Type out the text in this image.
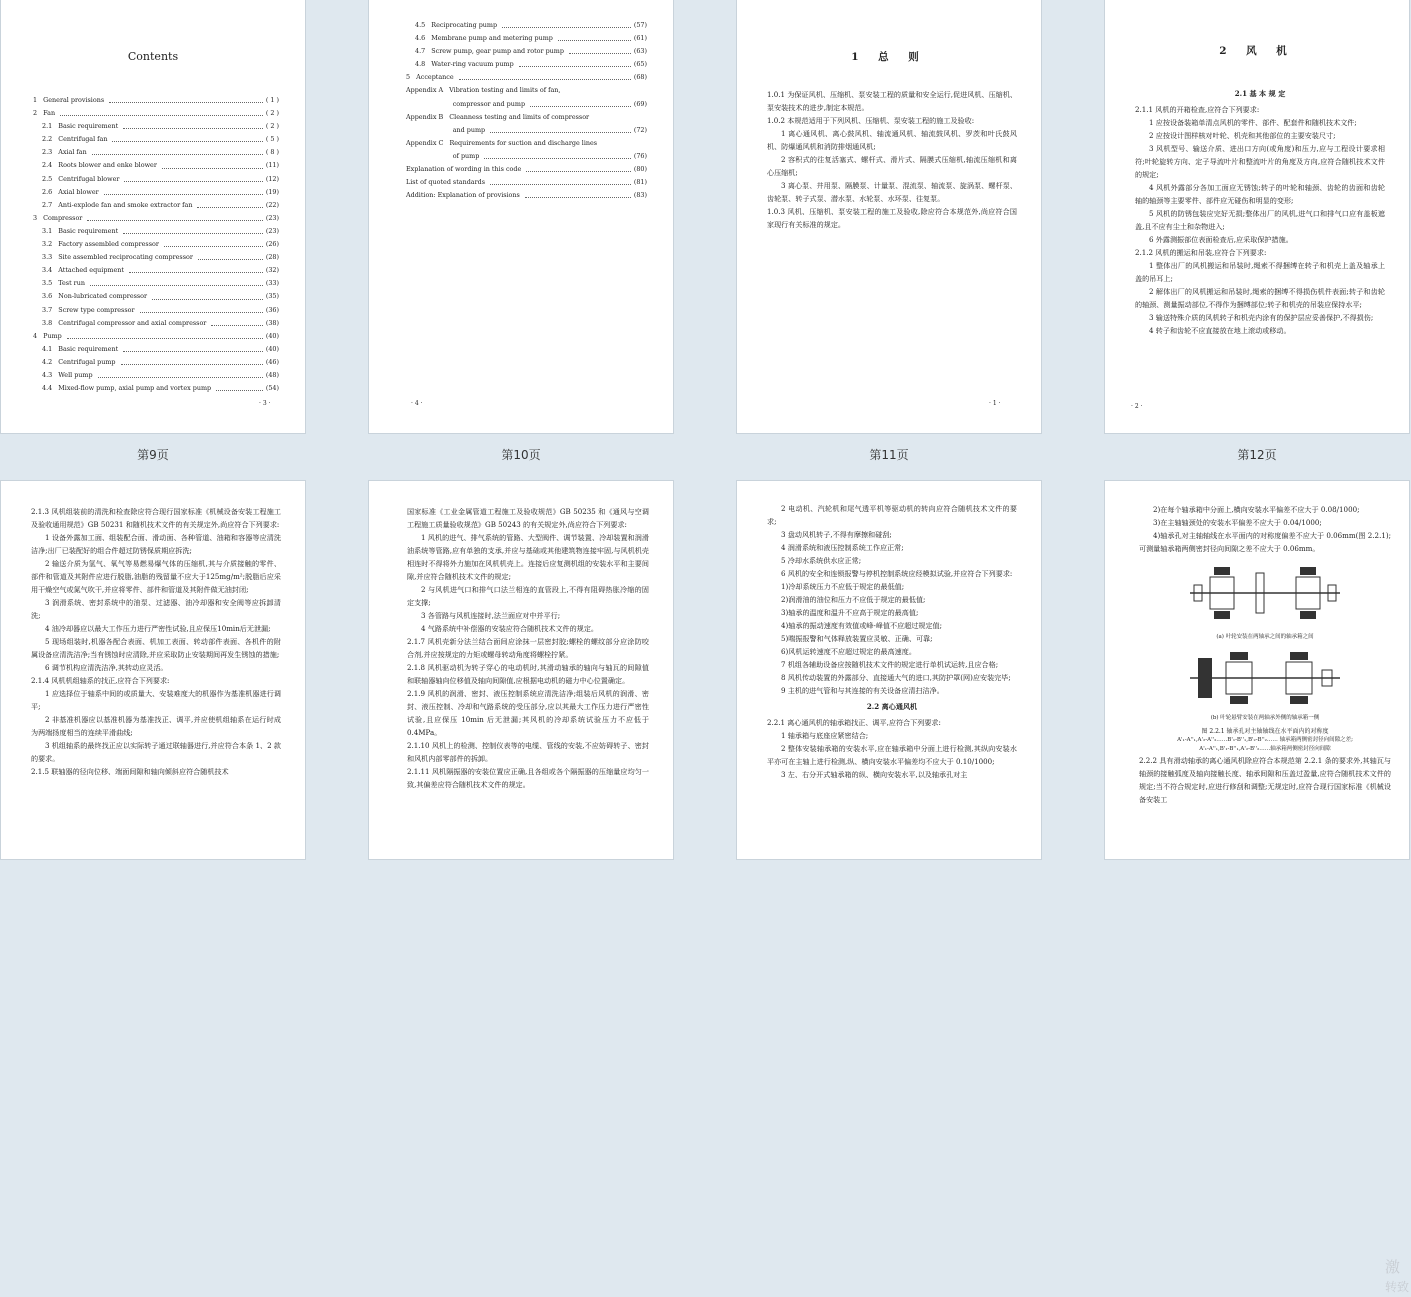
Contents
1   General provisions	( 1 )
2   Fan	( 2 )
2.1   Basic requirement	( 2 )
2.2   Centrifugal fan	( 5 )
2.3   Axial fan	( 8 )
2.4   Roots blower and enke blower	(11)
2.5   Centrifugal blower	(12)
2.6   Axial blower	(19)
2.7   Anti-explode fan and smoke extractor fan	(22)
3   Compressor	(23)
3.1   Basic requirement	(23)
3.2   Factory assembled compressor	(26)
3.3   Site assembled reciprocating compressor	(28)
3.4   Attached equipment	(32)
3.5   Test run	(33)
3.6   Non-lubricated compressor	(35)
3.7   Screw type compressor	(36)
3.8   Centrifugal compressor and axial compressor	(38)
4   Pump	(40)
4.1   Basic requirement	(40)
4.2   Centrifugal pump	(46)
4.3   Well pump	(48)
4.4   Mixed-flow pump, axial pump and vortex pump	(54)
· 3 ·
第9页
4.5   Reciprocating pump	(57)
4.6   Membrane pump and metering pump	(61)
4.7   Screw pump, gear pump and rotor pump	(63)
4.8   Water-ring vacuum pump	(65)
5   Acceptance	(68)
Appendix A   Vibration testing and limits of fan,
compressor and pump	(69)
Appendix B   Cleanness testing and limits of compressor
and pump	(72)
Appendix C   Requirements for suction and discharge lines
of pump	(76)
Explanation of wording in this code	(80)
List of quoted standards	(81)
Addition: Explanation of provisions	(83)
· 4 ·
第10页
1 总 则

1.0.1 为保证风机、压缩机、泵安装工程的质量和安全运行,促进风机、压缩机、泵安装技术的进步,制定本规范。

1.0.2 本规范适用于下列风机、压缩机、泵安装工程的施工及验收:

1 离心通风机、离心鼓风机、轴流通风机、轴流鼓风机、罗茨和叶氏鼓风机、防爆通风机和消防排烟通风机;

2 容积式的往复活塞式、螺杆式、滑片式、隔膜式压缩机,轴流压缩机和离心压缩机;

3 离心泵、井用泵、隔膜泵、计量泵、混流泵、轴流泵、旋涡泵、螺杆泵、齿轮泵、转子式泵、潜水泵、水轮泵、水环泵、往复泵。

1.0.3 风机、压缩机、泵安装工程的施工及验收,除应符合本规范外,尚应符合国家现行有关标准的规定。

· 1 ·
第11页
2 风 机

2.1 基 本 规 定

2.1.1 风机的开箱检查,应符合下列要求:

1 应按设备装箱单清点风机的零件、部件、配套件和随机技术文件;

2 应按设计图样核对叶轮、机壳和其他部位的主要安装尺寸;

3 风机型号、输送介质、进出口方向(或角度)和压力,应与工程设计要求相符;叶轮旋转方向、定子导流叶片和整流叶片的角度及方向,应符合随机技术文件的规定;

4 风机外露部分各加工面应无锈蚀;转子的叶轮和轴颈、齿轮的齿面和齿轮轴的轴颈等主要零件、部件应无碰伤和明显的变形;

5 风机的防锈包装应完好无损;整体出厂的风机,进气口和排气口应有盖板遮盖,且不应有尘土和杂物进入;

6 外露测振部位表面检查后,应采取保护措施。

2.1.2 风机的搬运和吊装,应符合下列要求:

1 整体出厂的风机搬运和吊装时,绳索不得捆缚在转子和机壳上盖及轴承上盖的吊耳上;

2 解体出厂的风机搬运和吊装时,绳索的捆缚不得损伤机件表面;转子和齿轮的轴颈、测量振动部位,不得作为捆缚部位;转子和机壳的吊装应保持水平;

3 输送特殊介质的风机转子和机壳内涂有的保护层应妥善保护,不得损伤;

4 转子和齿轮不应直接放在地上滚动或移动。

· 2 ·
第12页

2.1.3 风机组装前的清洗和检查除应符合现行国家标准《机械设备安装工程施工及验收通用规范》GB 50231 和随机技术文件的有关规定外,尚应符合下列要求:

1 设备外露加工面、组装配合面、滑动面、各种管道、油箱和容器等应清洗洁净;出厂已装配好的组合件超过防锈保质期应拆洗;

2 输送介质为氢气、氧气等易燃易爆气体的压缩机,其与介质接触的零件、部件和管道及其附件应进行脱脂,油脂的残留量不应大于125mg/m²;脱脂后应采用干燥空气或氮气吹干,并应将零件、部件和管道及其附件做无油封闭;

3 润滑系统、密封系统中的油泵、过滤器、油冷却器和安全阀等应拆卸清洗;

4 油冷却器应以最大工作压力进行严密性试验,且应保压10min后无泄漏;

5 现场组装时,机器各配合表面、机加工表面、转动部件表面、各机件的附属设备应清洗洁净;当有锈蚀时应清除,并应采取防止安装期间再发生锈蚀的措施;

6 调节机构应清洗洁净,其转动应灵活。

2.1.4 风机机组轴系的找正,应符合下列要求:

1 应选择位于轴系中间的或质量大、安装难度大的机器作为基准机器进行调平;

2 非基准机器应以基准机器为基准找正、调平,并应使机组轴系在运行时成为两端扬度相当的连续平滑曲线;

3 机组轴系的最终找正应以实际转子通过联轴器进行,并应符合本条 1、2 款的要求。

2.1.5 联轴器的径向位移、端面间隙和轴向倾斜应符合随机技术

国家标准《工业金属管道工程施工及验收规范》GB 50235 和《通风与空调工程施工质量验收规范》GB 50243 的有关规定外,尚应符合下列要求:

1 风机的进气、排气系统的管路、大型阀件、调节装置、冷却装置和润滑油系统等管路,应有单独的支承,并应与基础或其他建筑物连接牢固,与风机机壳相连时不得将外力施加在风机机壳上。连接后应复测机组的安装水平和主要间隙,并应符合随机技术文件的规定;

2 与风机进气口和排气口法兰相连的直管段上,不得有阻碍热胀冷缩的固定支撑;

3 各管路与风机连接时,法兰面应对中并平行;

4 气路系统中补偿器的安装应符合随机技术文件的规定。

2.1.7 风机壳新分法兰结合面间应涂抹一层密封胶;螺栓的螺纹部分应涂防咬合剂,并应按规定的力矩或螺母转动角度将螺栓拧紧。

2.1.8 风机驱动机为转子穿心的电动机时,其滑动轴承的轴向与轴瓦的间隙值和联轴器轴向位移值及轴向间隙值,应根据电动机的磁力中心位置确定。

2.1.9 风机的润滑、密封、液压控制系统应清洗洁净;组装后风机的润滑、密封、液压控制、冷却和气路系统的受压部分,应以其最大工作压力进行严密性试验,且应保压 10min 后无泄漏;其风机的冷却系统试验压力不应低于 0.4MPa。

2.1.10 风机上的检测、控制仪表等的电缆、管线的安装,不应妨碍转子、密封和风机内部零部件的拆卸。

2.1.11 风机隔振器的安装位置应正确,且各组或各个隔振器的压缩量应均匀一致,其偏差应符合随机技术文件的规定。

2 电动机、汽轮机和尾气透平机等驱动机的转向应符合随机技术文件的要求;

3 盘动风机转子,不得有摩擦和碰刮;

4 润滑系统和液压控制系统工作应正常;

5 冷却水系统供水应正常;

6 风机的安全和连锁报警与停机控制系统应经模拟试验,并应符合下列要求:

1)冷却系统压力不应低于规定的最低值;

2)润滑油的油位和压力不应低于规定的最低值;

3)轴承的温度和温升不应高于规定的最高值;

4)轴承的振动速度有效值或峰-峰值不应超过规定值;

5)喘振报警和气体释放装置应灵敏、正确、可靠;

6)风机运转速度不应超过规定的最高速度。

7 机组各辅助设备应按随机技术文件的规定进行单机试运转,且应合格;

8 风机传动装置的外露部分、直接通大气的进口,其防护罩(网)应安装完毕;

9 主机的进气管和与其连接的有关设备应清扫洁净。

2.2 离心通风机

2.2.1 离心通风机的轴承箱找正、调平,应符合下列要求:

1 轴承箱与底座应紧密结合;

2 整体安装轴承箱的安装水平,应在轴承箱中分面上进行检测,其纵向安装水平亦可在主轴上进行检测,纵、横向安装水平偏差均不应大于 0.10/1000;

3 左、右分开式轴承箱的纵、横向安装水平,以及轴承孔对主

2)在每个轴承箱中分面上,横向安装水平偏差不应大于 0.08/1000;

3)在主轴轴颈处的安装水平偏差不应大于 0.04/1000;

4)轴承孔对主轴轴线在水平面内的对称度偏差不应大于 0.06mm(图 2.2.1);可测量轴承箱两侧密封径向间隙之差不应大于 0.06mm。

(a) 叶轮安装在两轴承之间的轴承箱之间
(b) 叶轮悬臂安装在两轴承外侧的轴承箱一侧
图 2.2.1 轴承孔对主轴轴线在水平面内的对称度
A'₁-A''₁,A'₂-A''₂……B'₁-B''₁,B'₂-B''₂…… 轴承箱两侧密封径向间隙之差;
A'₁-A''₁,B'₁-B''₁,A'₂-B''₂……轴承箱两侧密封径向间隙

2.2.2 具有滑动轴承的离心通风机除应符合本规范第 2.2.1 条的要求外,其轴瓦与轴颈的接触弧度及轴向接触长度、轴承间隙和压盖过盈量,应符合随机技术文件的规定;当不符合规定时,应进行修刮和调整;无规定时,应符合现行国家标准《机械设备安装工

激
转致
